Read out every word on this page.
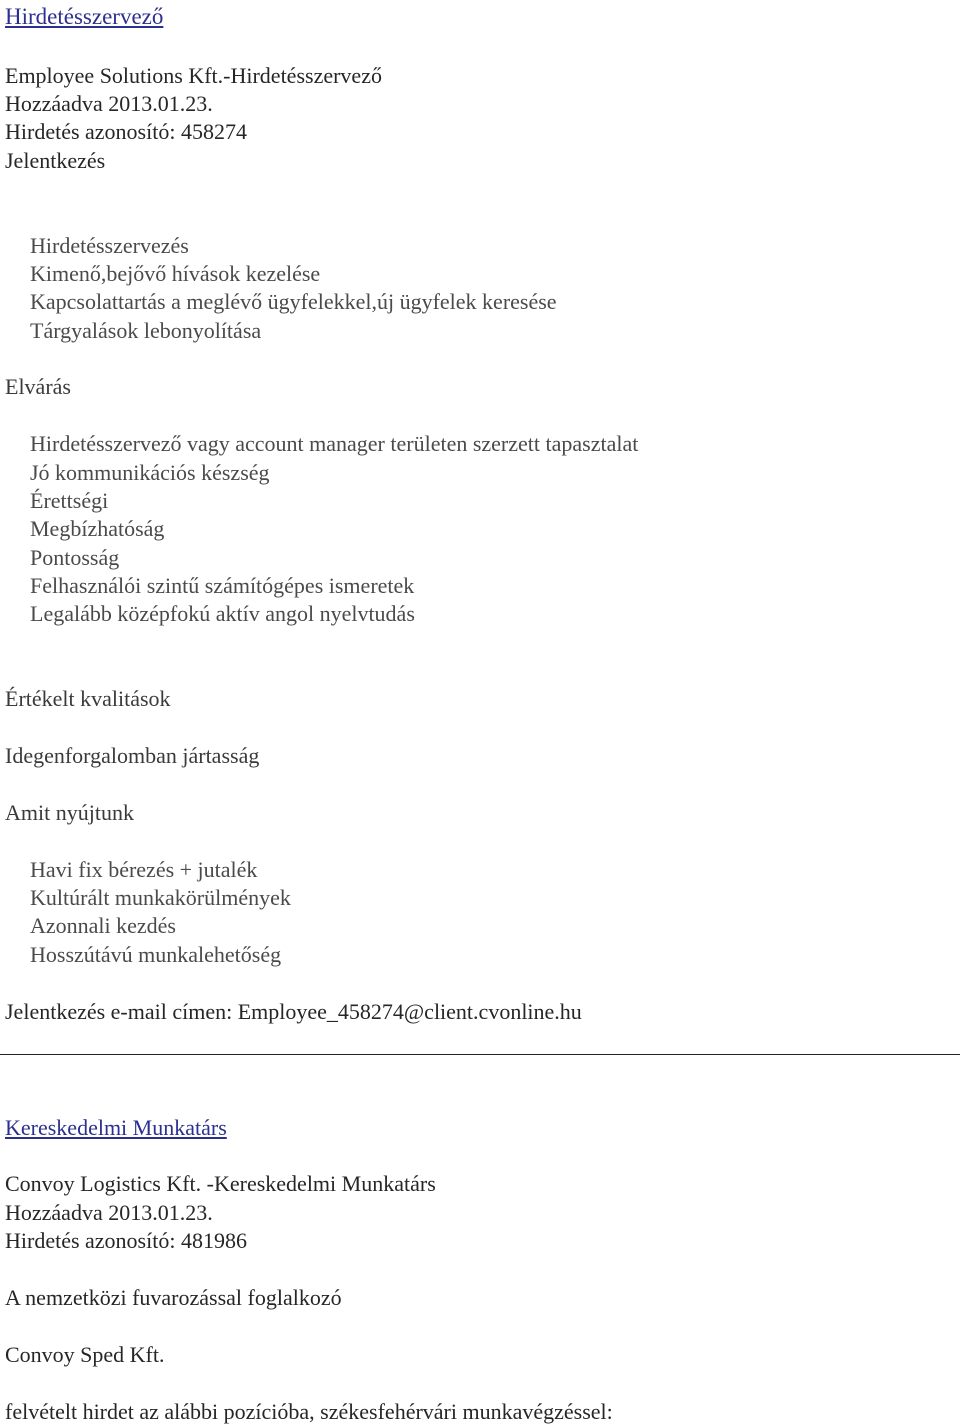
Hirdetésszervező
Employee Solutions Kft.-Hirdetésszervező
Hozzáadva 2013.01.23.
Hirdetés azonosító: 458274
Jelentkezés
Hirdetésszervezés
Kimenő,bejővő hívások kezelése
Kapcsolattartás a meglévő ügyfelekkel,új ügyfelek keresése
Tárgyalások lebonyolítása
Elvárás
Hirdetésszervező vagy account manager területen szerzett tapasztalat
Jó kommunikációs készség
Érettségi
Megbízhatóság
Pontosság
Felhasználói szintű számítógépes ismeretek
Legalább középfokú aktív angol nyelvtudás
Értékelt kvalitások
Idegenforgalomban jártasság
Amit nyújtunk
Havi fix bérezés + jutalék
Kultúrált munkakörülmények
Azonnali kezdés
Hosszútávú munkalehetőség
Jelentkezés e-mail címen: Employee_458274@client.cvonline.hu
Kereskedelmi Munkatárs
Convoy Logistics Kft. -Kereskedelmi Munkatárs
Hozzáadva 2013.01.23.
Hirdetés azonosító: 481986
A nemzetközi fuvarozással foglalkozó
Convoy Sped Kft.
felvételt hirdet az alábbi pozícióba, székesfehérvári munkavégzéssel:
